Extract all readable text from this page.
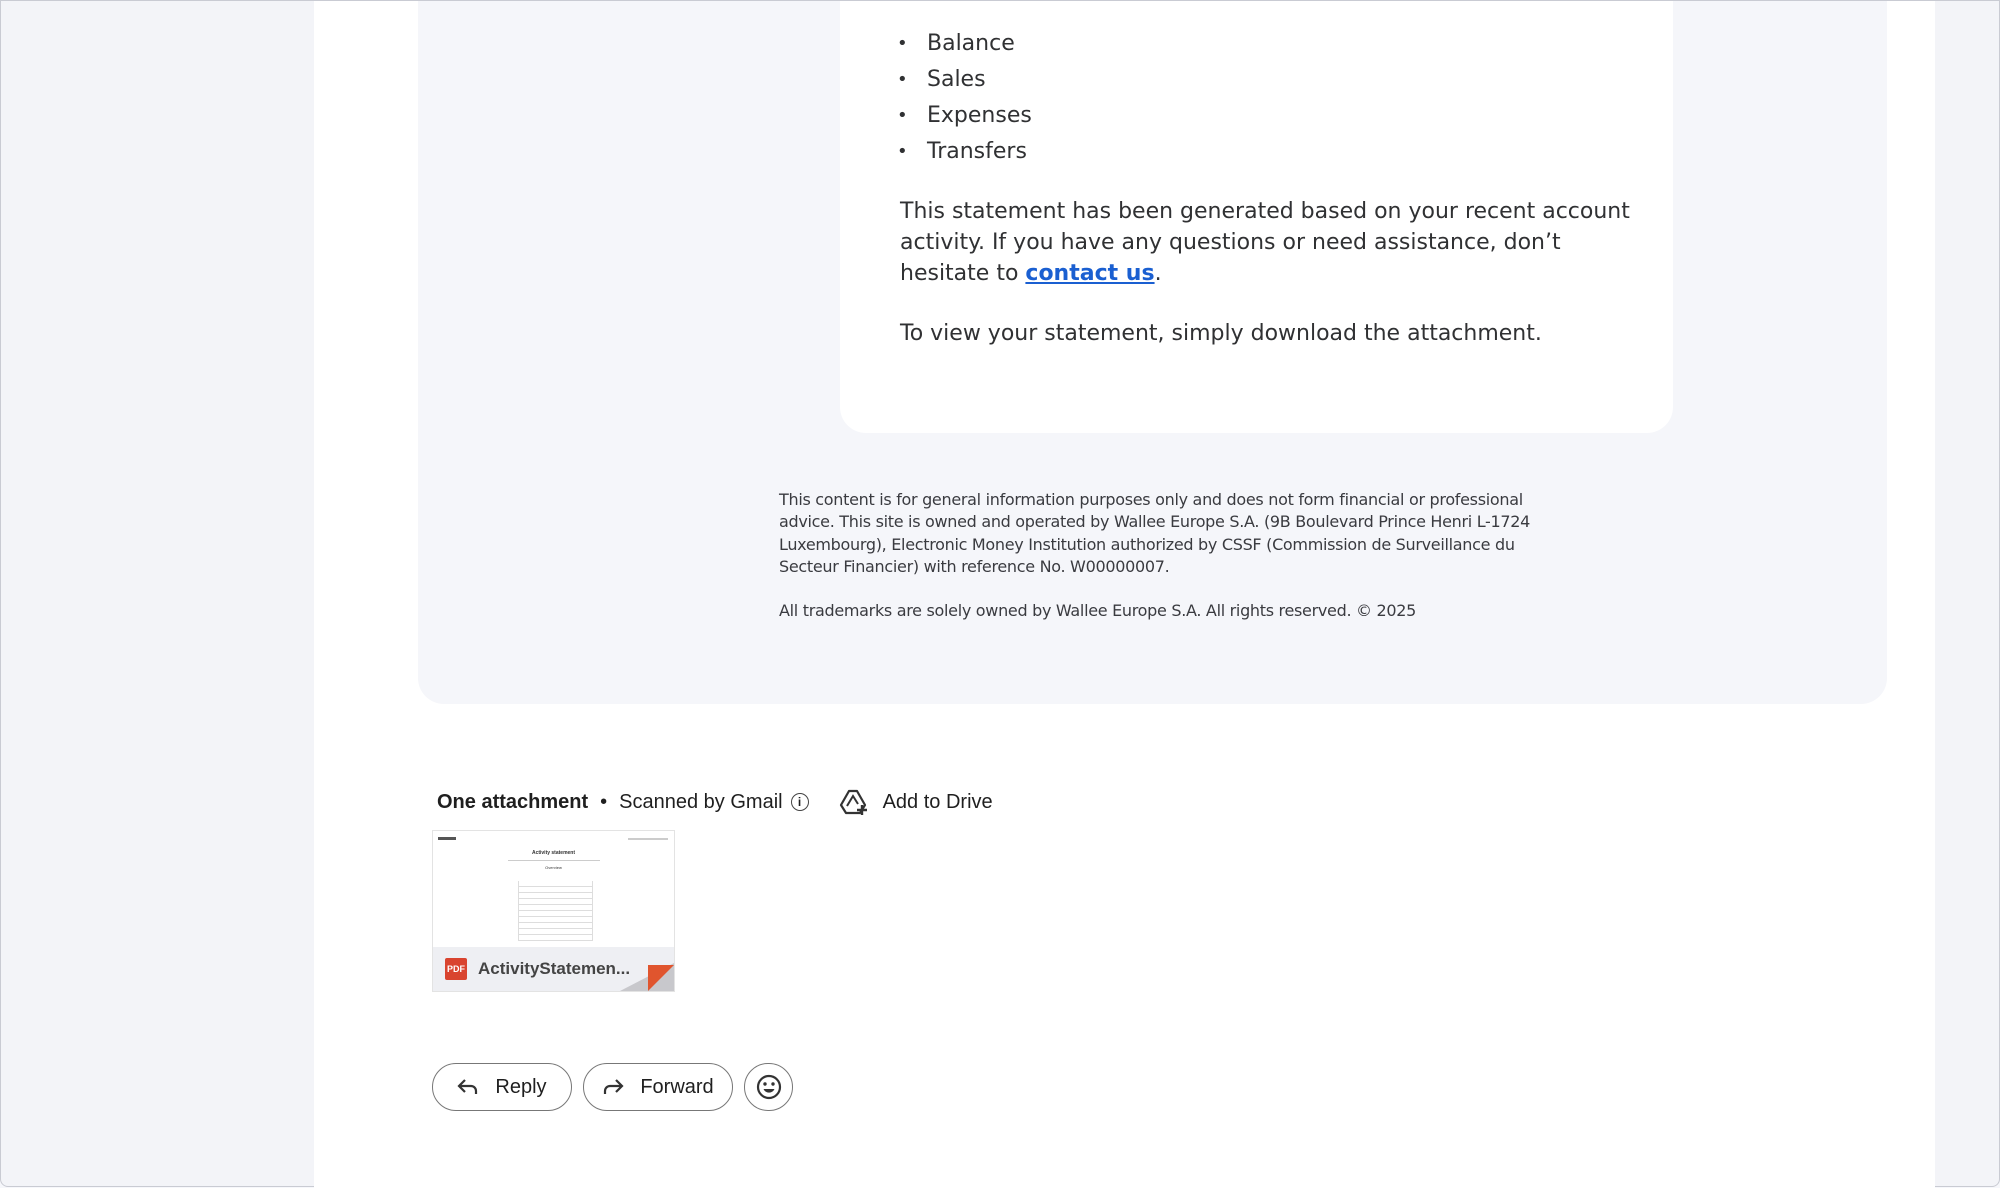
• Balance
• Sales
• Expenses
• Transfers

This statement has been generated based on your recent account activity. If you have any questions or need assistance, don’t hesitate to contact us.

To view your statement, simply download the attachment.

This content is for general information purposes only and does not form financial or professional advice. This site is owned and operated by Wallee Europe S.A. (9B Boulevard Prince Henri L-1724 Luxembourg), Electronic Money Institution authorized by CSSF (Commission de Surveillance du Secteur Financier) with reference No. W00000007.

All trademarks are solely owned by Wallee Europe S.A. All rights reserved. © 2025

One attachment • Scanned by Gmail	i	Add to Drive
Activity statement
Overview
PDF ActivityStatemen...
Reply	Forward
